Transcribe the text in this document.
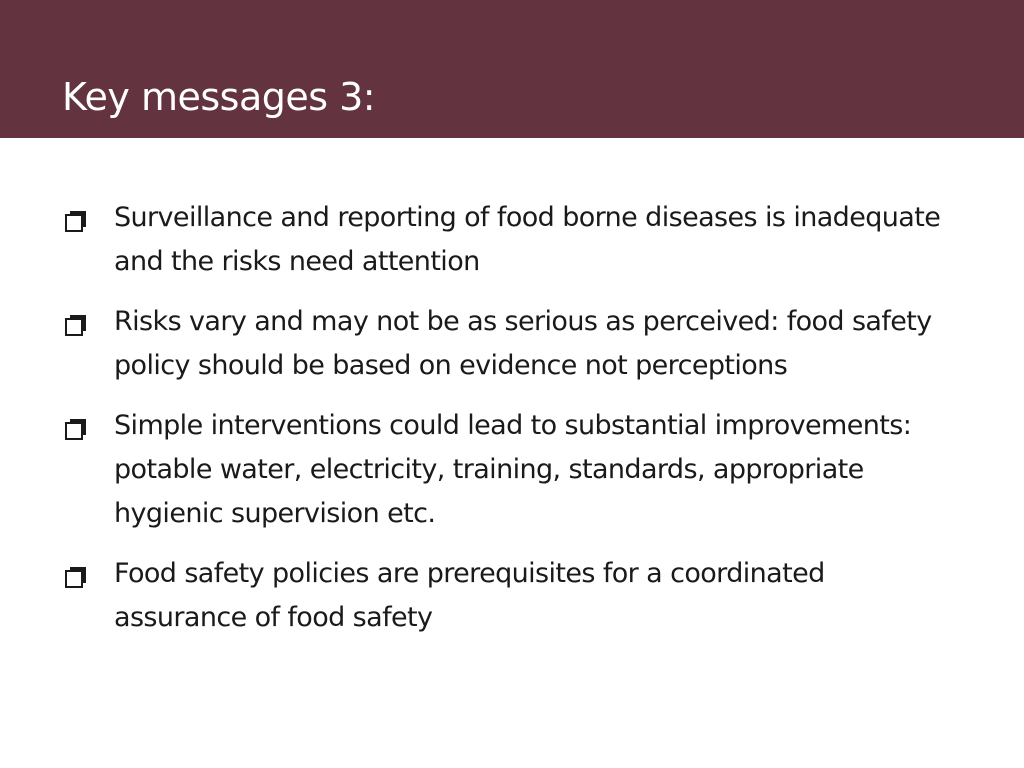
Key messages 3:
Surveillance and reporting of food borne diseases is inadequate and the risks need attention
Risks vary and may not be as serious as perceived: food safety policy should be based on evidence not perceptions
Simple interventions could lead to substantial improvements: potable water, electricity, training, standards, appropriate hygienic supervision etc.
Food safety policies are prerequisites for a coordinated assurance of food safety
